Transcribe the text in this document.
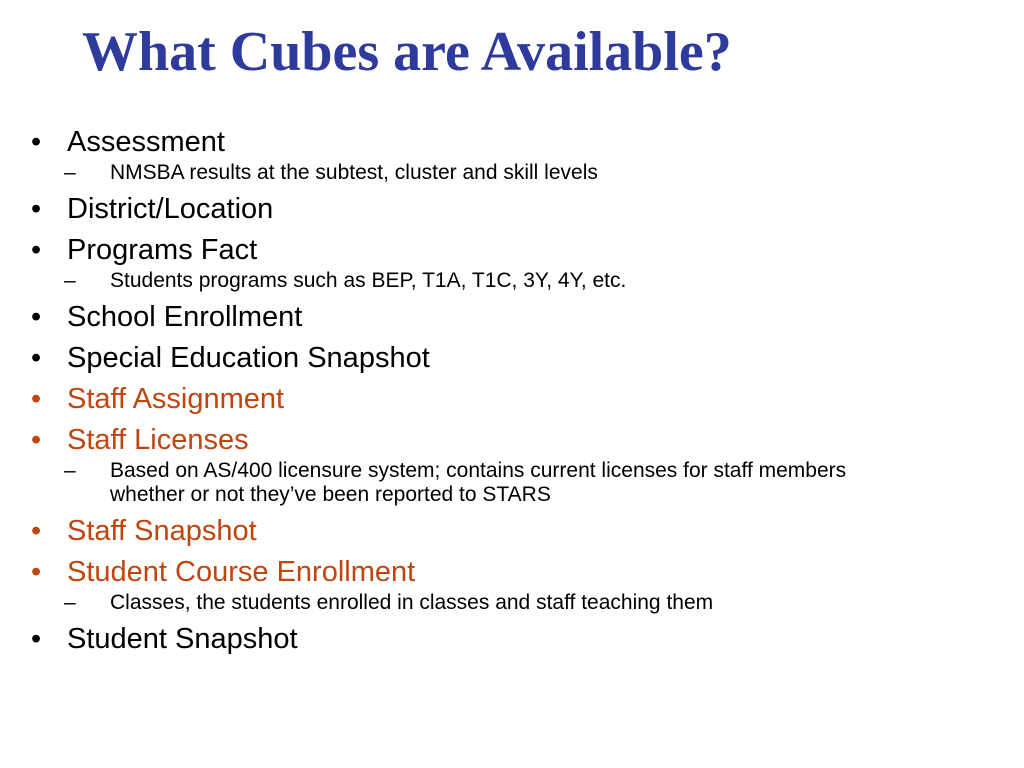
What Cubes are Available?
• Assessment
– NMSBA results at the subtest, cluster and skill levels
• District/Location
• Programs Fact
– Students programs such as BEP, T1A, T1C, 3Y, 4Y, etc.
• School Enrollment
• Special Education Snapshot
• Staff Assignment
• Staff Licenses
– Based on AS/400 licensure system; contains current licenses for staff members whether or not they’ve been reported to STARS
• Staff Snapshot
• Student Course Enrollment
– Classes, the students enrolled in classes and staff teaching them
• Student Snapshot
